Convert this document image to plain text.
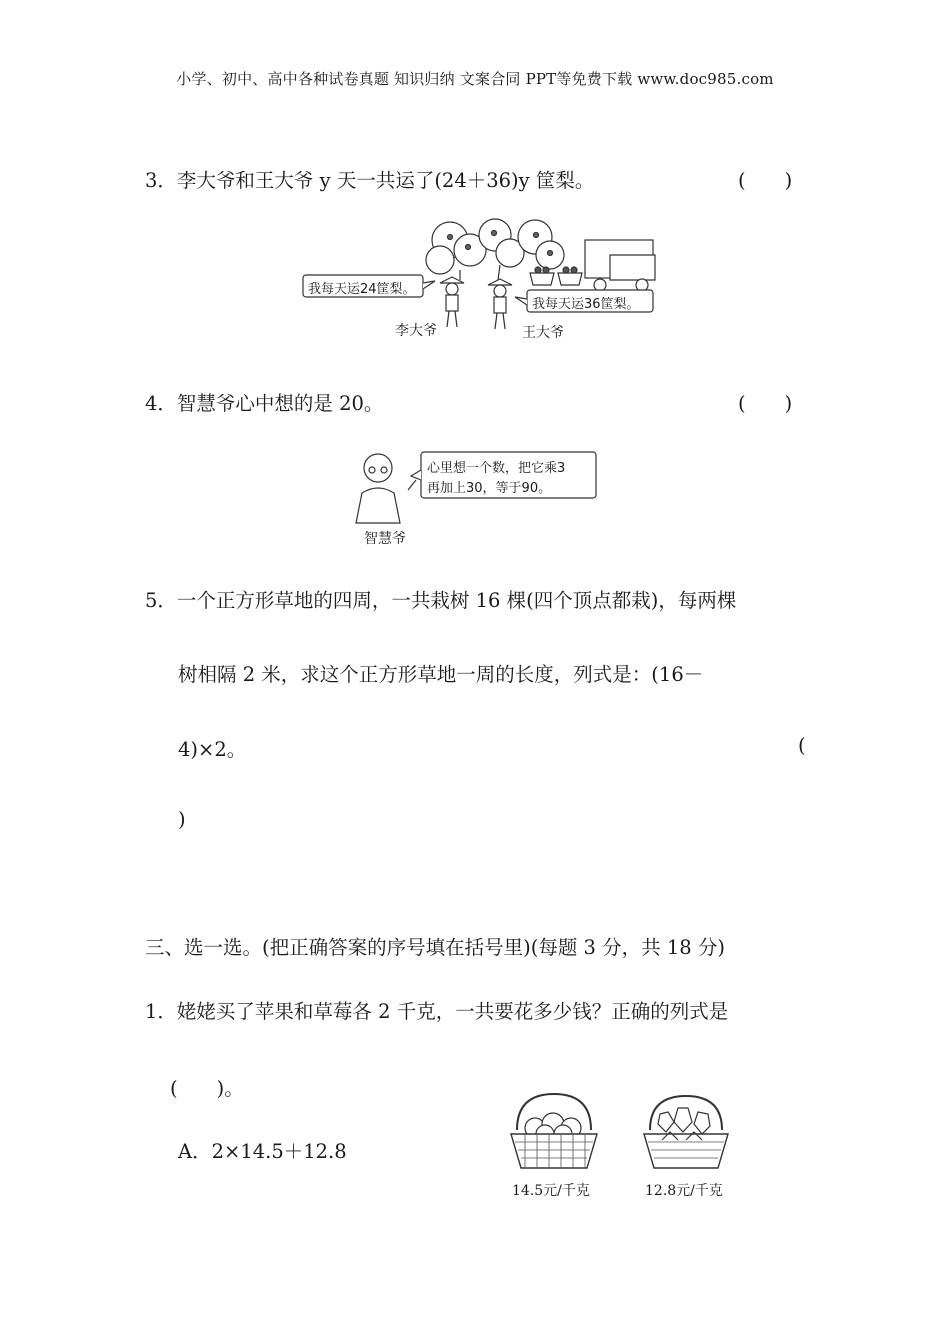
小学、初中、高中各种试卷真题 知识归纳 文案合同 PPT等免费下载 www.doc985.com
3．李大爷和王大爷 y 天一共运了(24＋36)y 筐梨。	(　　)
我每天运24筐梨。
我每天运36筐梨。
李大爷	王大爷
4．智慧爷心中想的是 20。	(　　)
心里想一个数，把它乘3
再加上30，等于90。
智慧爷
5．一个正方形草地的四周，一共栽树 16 棵(四个顶点都栽)，每两棵
树相隔 2 米，求这个正方形草地一周的长度，列式是：(16－
4)×2。	(
)
三、选一选。(把正确答案的序号填在括号里)(每题 3 分，共 18 分)
1．姥姥买了苹果和草莓各 2 千克，一共要花多少钱？正确的列式是
(　　)。
A．2×14.5＋12.8
14.5元/千克	12.8元/千克
